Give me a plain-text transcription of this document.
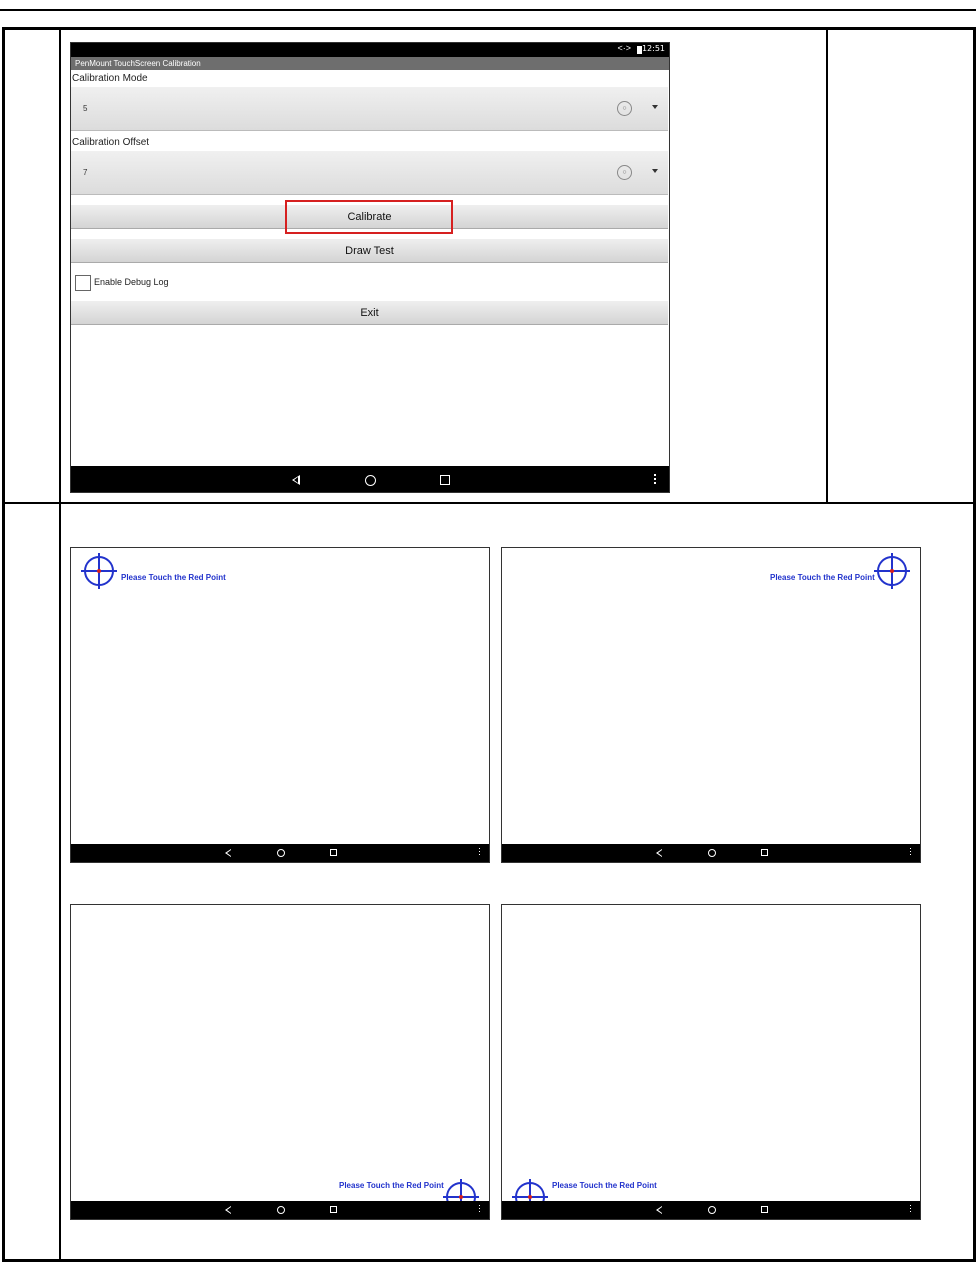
<·> 12:51
PenMount TouchScreen Calibration
Calibration Mode
5	○
Calibration Offset
7	○
Calibrate
Draw Test
Enable Debug Log
Exit
Please Touch the Red Point	Please Touch the Red Point
Please Touch the Red Point	Please Touch the Red Point
